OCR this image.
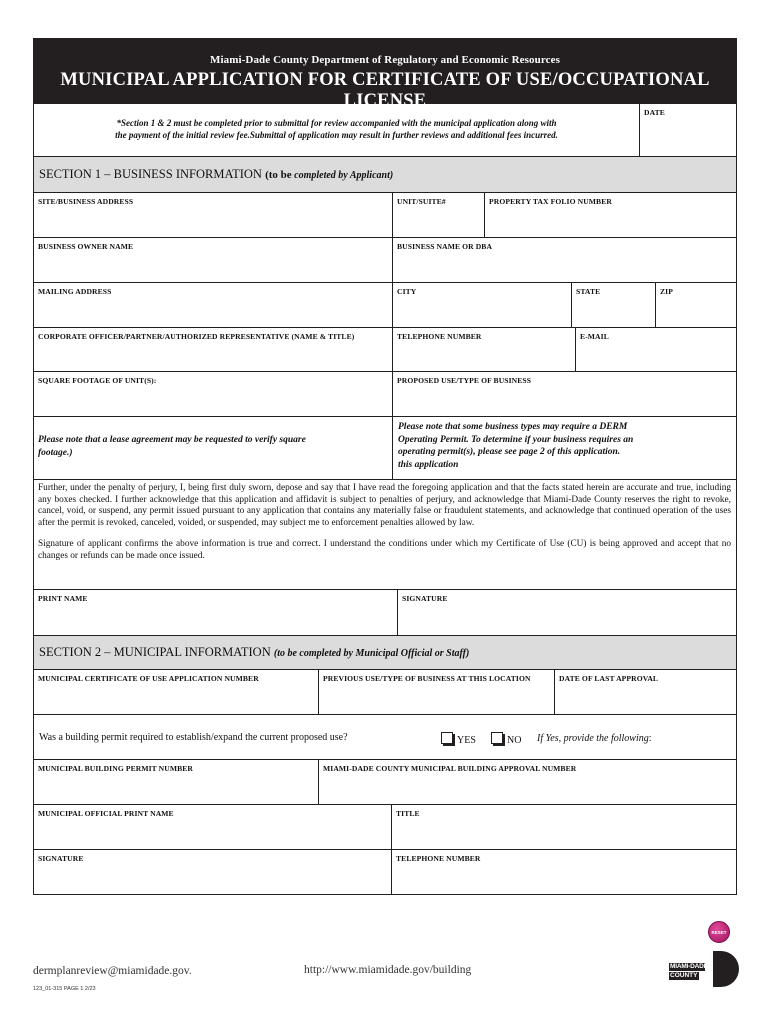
Miami-Dade County Department of Regulatory and Economic Resources
MUNICIPAL APPLICATION FOR CERTIFICATE OF USE/OCCUPATIONAL LICENSE
*Section 1 & 2 must be completed prior to submittal for review accompanied with the municipal application along with
the payment of the initial review fee.Submittal of application may result in further reviews and additional fees incurred.
DATE
SECTION 1 – BUSINESS INFORMATION (to be completed by Applicant)
SITE/BUSINESS ADDRESS	UNIT/SUITE#	PROPERTY TAX FOLIO NUMBER
BUSINESS OWNER NAME	BUSINESS NAME OR DBA
MAILING ADDRESS	CITY	STATE	ZIP
CORPORATE OFFICER/PARTNER/AUTHORIZED REPRESENTATIVE (NAME & TITLE)	TELEPHONE NUMBER	E-MAIL
SQUARE FOOTAGE OF UNIT(S):	PROPOSED USE/TYPE OF BUSINESS
Please note that a lease agreement may be requested to verify square
footage.)
Please note that some business types may require a DERM
Operating Permit. To determine if your business requires an
operating permit(s), please see page 2 of this application.
this application
Further, under the penalty of perjury, I, being first duly sworn, depose and say that I have read the foregoing application and that the facts stated herein are accurate and true, including any boxes checked. I further acknowledge that this application and affidavit is subject to penalties of perjury, and acknowledge that Miami-Dade County reserves the right to revoke, cancel, void, or suspend, any permit issued pursuant to any application that contains any materially false or fraudulent statements, and acknowledge that continued operation of the uses after the permit is revoked, canceled, voided, or suspended, may subject me to enforcement penalties allowed by law.
Signature of applicant confirms the above information is true and correct. I understand the conditions under which my Certificate of Use (CU) is being approved and accept that no changes or refunds can be made once issued.
PRINT NAME	SIGNATURE
SECTION 2 – MUNICIPAL INFORMATION (to be completed by Municipal Official or Staff)
MUNICIPAL CERTIFICATE OF USE APPLICATION NUMBER	PREVIOUS USE/TYPE OF BUSINESS AT THIS LOCATION	DATE OF LAST APPROVAL
Was a building permit required to establish/expand the current proposed use?	YES	NO If Yes, provide the following:
MUNICIPAL BUILDING PERMIT NUMBER	MIAMI-DADE COUNTY MUNICIPAL BUILDING APPROVAL NUMBER
MUNICIPAL OFFICIAL PRINT NAME	TITLE
SIGNATURE	TELEPHONE NUMBER
dermplanreview@miamidade.gov.	http://www.miamidade.gov/building
123_01-315 PAGE 1 2/23
RESET
MIAMI-DADE
COUNTY
